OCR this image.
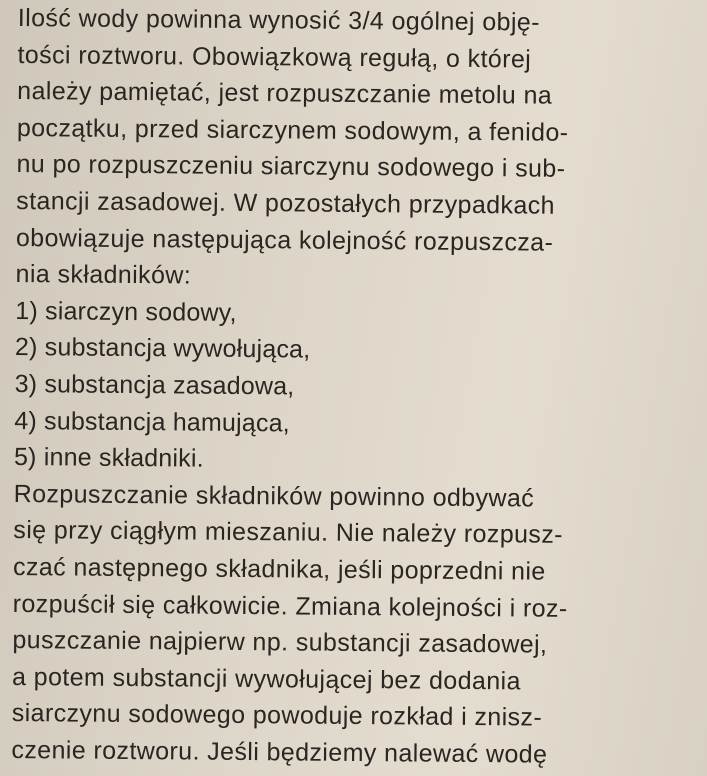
Ilość wody powinna wynosić 3/4 ogólnej obję-
tości roztworu. Obowiązkową regułą, o której
należy pamiętać, jest rozpuszczanie metolu na
początku, przed siarczynem sodowym, a fenido-
nu po rozpuszczeniu siarczynu sodowego i sub-
stancji zasadowej. W pozostałych przypadkach
obowiązuje następująca kolejność rozpuszcza-
nia składników:
1) siarczyn sodowy,
2) substancja wywołująca,
3) substancja zasadowa,
4) substancja hamująca,
5) inne składniki.
Rozpuszczanie składników powinno odbywać
się przy ciągłym mieszaniu. Nie należy rozpusz-
czać następnego składnika, jeśli poprzedni nie
rozpuścił się całkowicie. Zmiana kolejności i roz-
puszczanie najpierw np. substancji zasadowej,
a potem substancji wywołującej bez dodania
siarczynu sodowego powoduje rozkład i znisz-
czenie roztworu. Jeśli będziemy nalewać wodę
